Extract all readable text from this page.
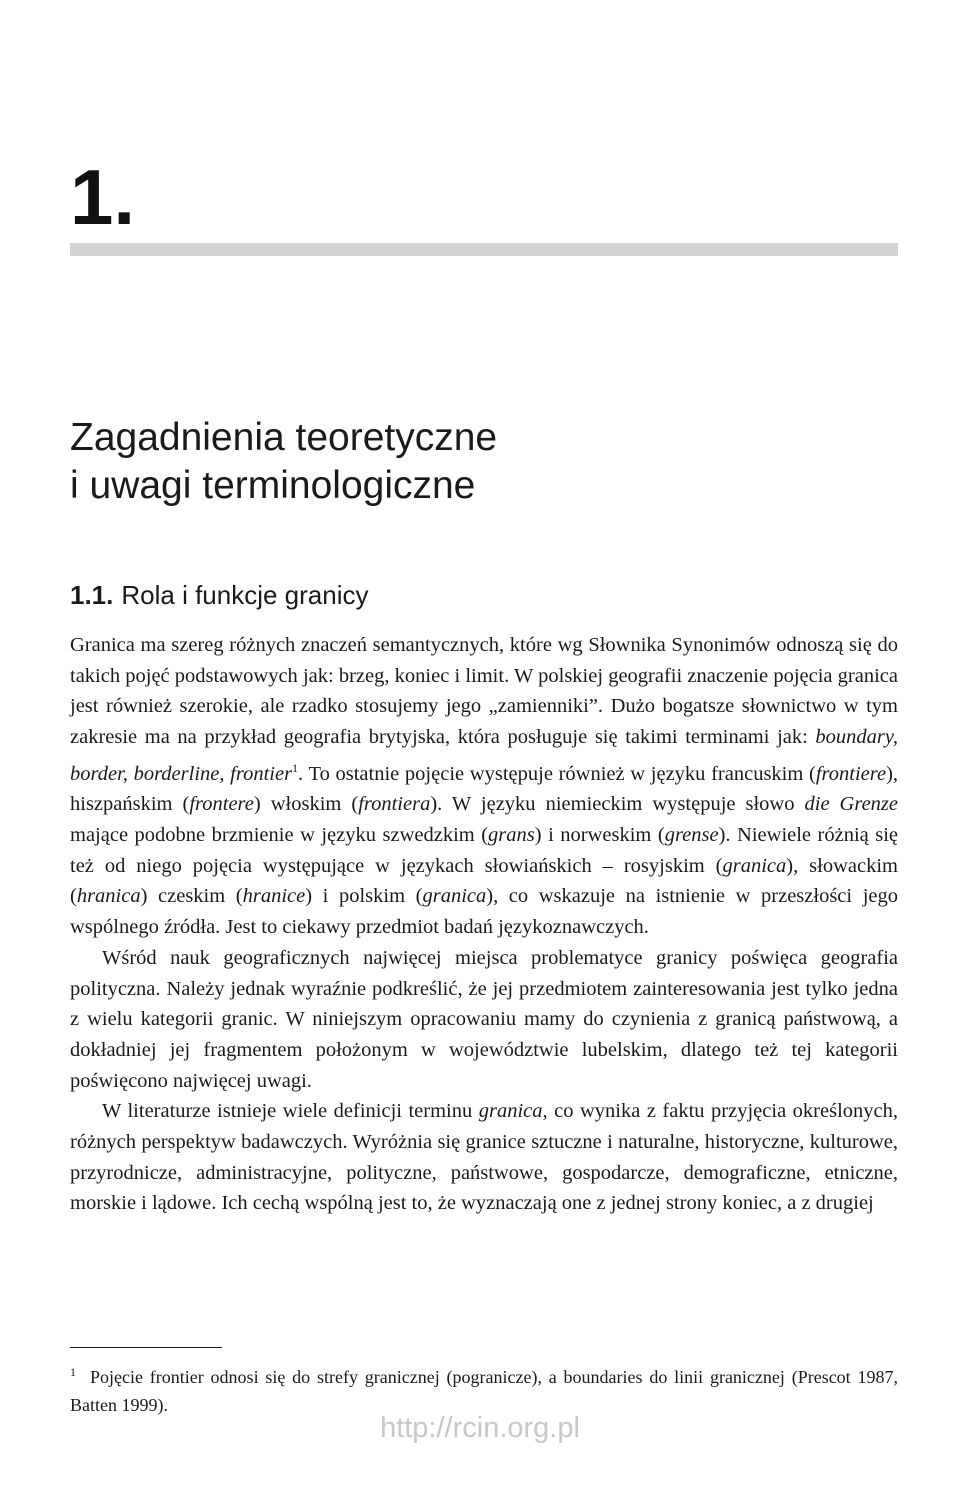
1.
Zagadnienia teoretyczne
i uwagi terminologiczne
1.1. Rola i funkcje granicy

Granica ma szereg różnych znaczeń semantycznych, które wg Słownika Synonimów odnoszą się do takich pojęć podstawowych jak: brzeg, koniec i limit. W polskiej geografii znaczenie pojęcia granica jest również szerokie, ale rzadko stosujemy jego „zamienniki”. Dużo bogatsze słownictwo w tym zakresie ma na przykład geografia brytyjska, która posługuje się takimi terminami jak: boundary, border, borderline, frontier$^1$. To ostatnie pojęcie występuje również w języku francuskim (frontiere), hiszpańskim (frontere) włoskim (frontiera). W języku niemieckim występuje słowo die Grenze mające podobne brzmienie w języku szwedzkim (grans) i norweskim (grense). Niewiele różnią się też od niego pojęcia występujące w językach słowiańskich – rosyjskim (granica), słowackim (hranica) czeskim (hranice) i polskim (granica), co wskazuje na istnienie w przeszłości jego wspólnego źródła. Jest to ciekawy przedmiot badań językoznawczych.

Wśród nauk geograficznych najwięcej miejsca problematyce granicy poświęca geografia polityczna. Należy jednak wyraźnie podkreślić, że jej przedmiotem zainteresowania jest tylko jedna z wielu kategorii granic. W niniejszym opracowaniu mamy do czynienia z granicą państwową, a dokładniej jej fragmentem położonym w województwie lubelskim, dlatego też tej kategorii poświęcono najwięcej uwagi.

W literaturze istnieje wiele definicji terminu granica, co wynika z faktu przyjęcia określonych, różnych perspektyw badawczych. Wyróżnia się granice sztuczne i naturalne, historyczne, kulturowe, przyrodnicze, administracyjne, polityczne, państwowe, gospodarcze, demograficzne, etniczne, morskie i lądowe. Ich cechą wspólną jest to, że wyznaczają one z jednej strony koniec, a z drugiej

$^1$ Pojęcie frontier odnosi się do strefy granicznej (pogranicze), a boundaries do linii granicznej (Prescot 1987, Batten 1999).

http://rcin.org.pl
